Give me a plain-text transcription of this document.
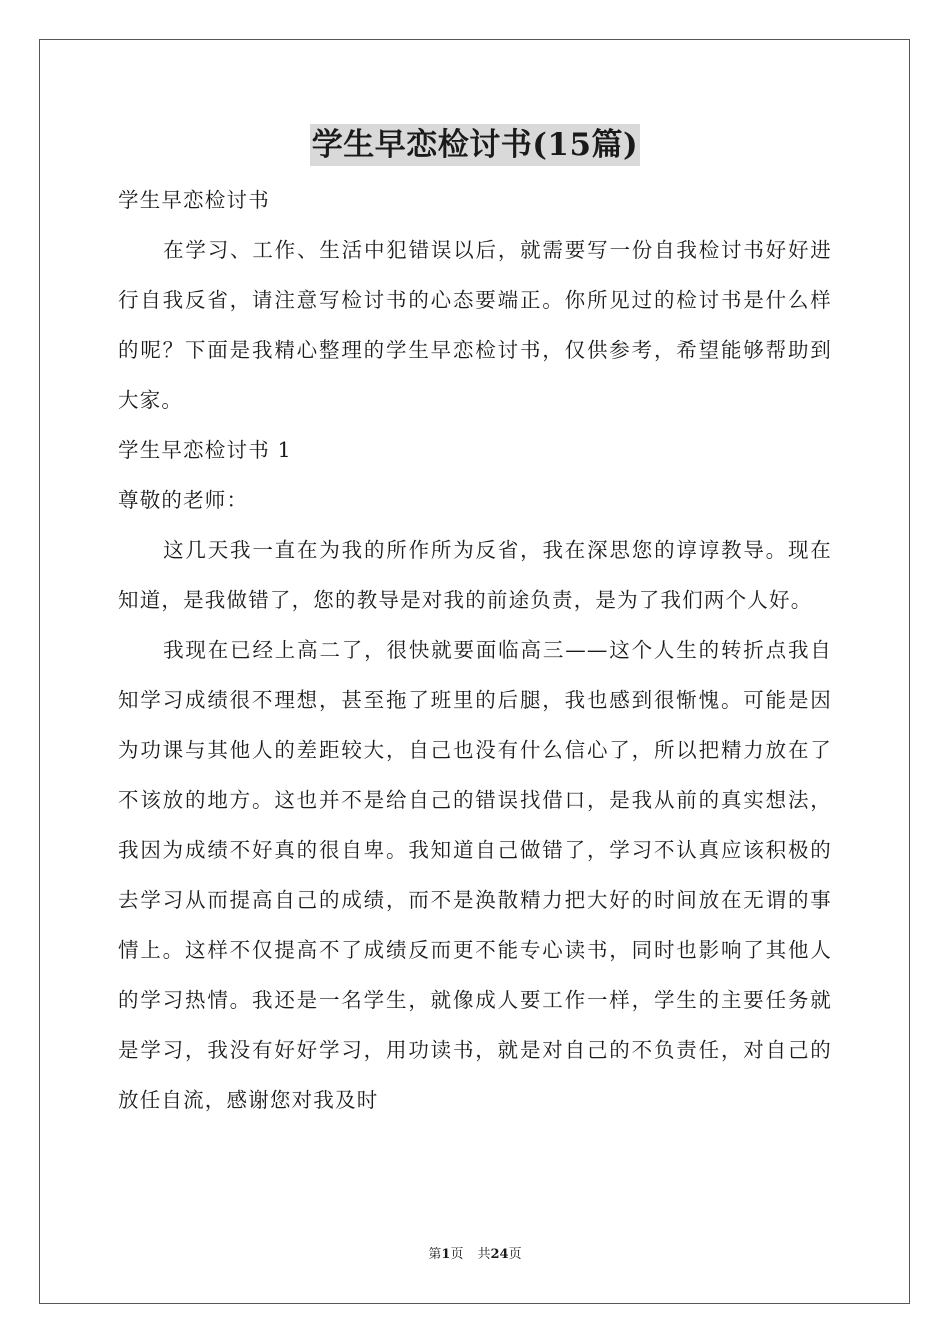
学生早恋检讨书(15篇)

学生早恋检讨书

在学习、工作、生活中犯错误以后，就需要写一份自我检讨书好好进行自我反省，请注意写检讨书的心态要端正。你所见过的检讨书是什么样的呢？下面是我精心整理的学生早恋检讨书，仅供参考，希望能够帮助到大家。

学生早恋检讨书 1

尊敬的老师：

这几天我一直在为我的所作所为反省，我在深思您的谆谆教导。现在知道，是我做错了，您的教导是对我的前途负责，是为了我们两个人好。

我现在已经上高二了，很快就要面临高三——这个人生的转折点我自知学习成绩很不理想，甚至拖了班里的后腿，我也感到很惭愧。可能是因为功课与其他人的差距较大，自己也没有什么信心了，所以把精力放在了不该放的地方。这也并不是给自己的错误找借口，是我从前的真实想法，我因为成绩不好真的很自卑。我知道自己做错了，学习不认真应该积极的去学习从而提高自己的成绩，而不是涣散精力把大好的时间放在无谓的事情上。这样不仅提高不了成绩反而更不能专心读书，同时也影响了其他人的学习热情。我还是一名学生，就像成人要工作一样，学生的主要任务就是学习，我没有好好学习，用功读书，就是对自己的不负责任，对自己的放任自流，感谢您对我及时

第1页 共24页
